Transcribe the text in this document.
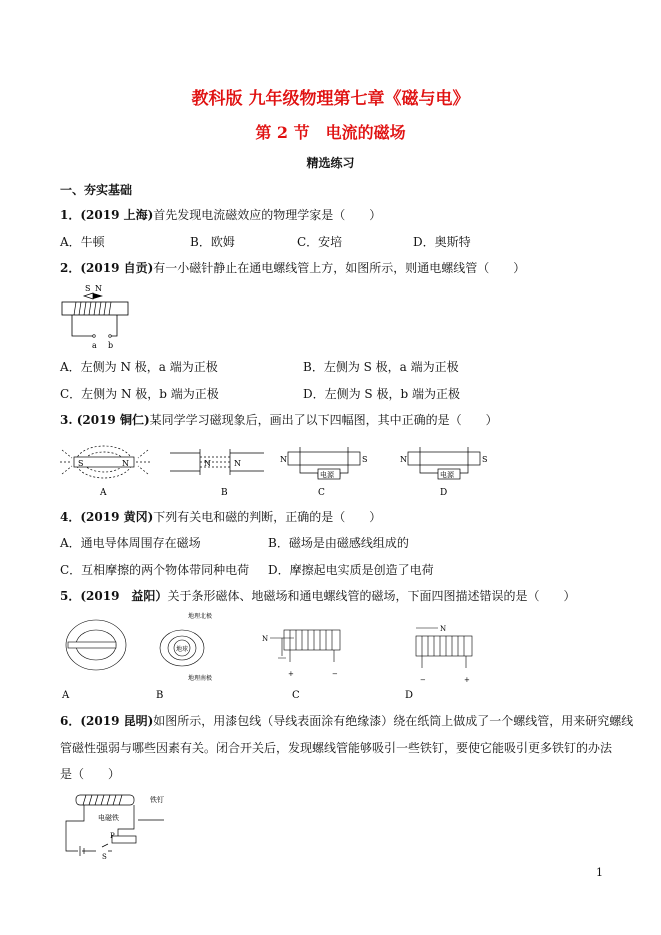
教科版 九年级物理第七章《磁与电》
第 2 节　电流的磁场
精选练习
一、夯实基础
1．(2019 上海)首先发现电流磁效应的物理学家是（　　）
A．牛顿	B．欧姆	C．安培	D．奥斯特
2．(2019 自贡)有一小磁针静止在通电螺线管上方，如图所示，则通电螺线管（　　）
S N
a b
A．左侧为 N 极，a 端为正极	B．左侧为 S 极，a 端为正极
C．左侧为 N 极，b 端为正极	D．左侧为 S 极，b 端为正极
3. (2019 铜仁)某同学学习磁现象后，画出了以下四幅图，其中正确的是（　　）
S	N	N	N	N	S
电源
N	S
电源
A	B	C	D
4．(2019 黄冈)下列有关电和磁的判断，正确的是（　　）
A．通电导体周围存在磁场	B．磁场是由磁感线组成的
C．互相摩擦的两个物体带同种电荷 D．摩擦起电实质是创造了电荷
5．(2019　益阳）关于条形磁体、地磁场和通电螺线管的磁场，下面四图描述错误的是（　　）
地理北极
地理南极
地球
N
+	−
N
−	+
A	B	C	D
6．(2019 昆明)如图所示，用漆包线（导线表面涂有绝缘漆）绕在纸筒上做成了一个螺线管，用来研究螺线
管磁性强弱与哪些因素有关。闭合开关后，发现螺线管能够吸引一些铁钉，要使它能吸引更多铁钉的办法
是（　　）
电磁铁
铁钉
P
S
1
